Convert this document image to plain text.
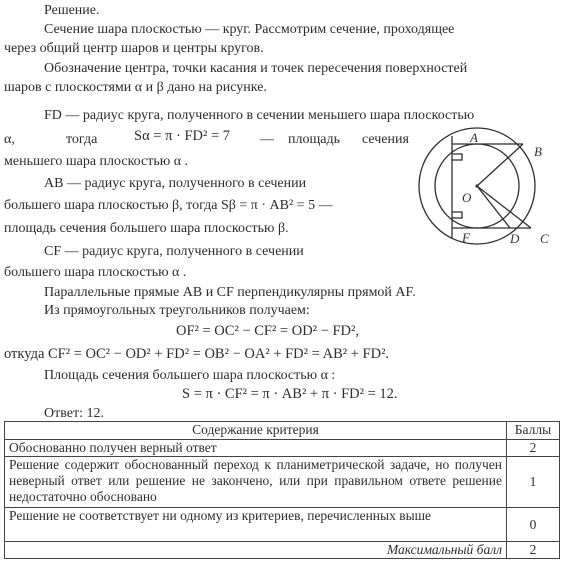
Решение.
Сечение шара плоскостью — круг. Рассмотрим сечение, проходящее
через общий центр шаров и центры кругов.
Обозначение центра, точки касания и точек пересечения поверхностей
шаров с плоскостями α и β дано на рисунке.
FD — радиус круга, полученного в сечении меньшего шара плоскостью
α,	тогда	Sα = π · FD² = 7 — площадь сечения
меньшего шара плоскостью α .
AB — радиус круга, полученного в сечении
большего шара плоскостью β, тогда Sβ = π · AB² = 5 —
площадь сечения большего шара плоскостью β.
CF — радиус круга, полученного в сечении
большего шара плоскостью α .
Параллельные прямые AB и CF перпендикулярны прямой AF.
Из прямоугольных треугольников получаем:
OF² = OC² − CF² = OD² − FD²,
откуда CF² = OC² − OD² + FD² = OB² − OA² + FD² = AB² + FD².
Площадь сечения большего шара плоскостью α :
S = π · CF² = π · AB² + π · FD² = 12.
Ответ: 12.
A
B
O
F	D C
Содержание критерия	Баллы
Обоснованно получен верный ответ	2
Решение содержит обоснованный переход к планиметрической задаче, но получен неверный ответ или решение не закончено, или при правильном ответе решение недостаточно обосновано	1
Решение не соответствует ни одному из критериев, перечисленных выше	0
Максимальный балл	2
